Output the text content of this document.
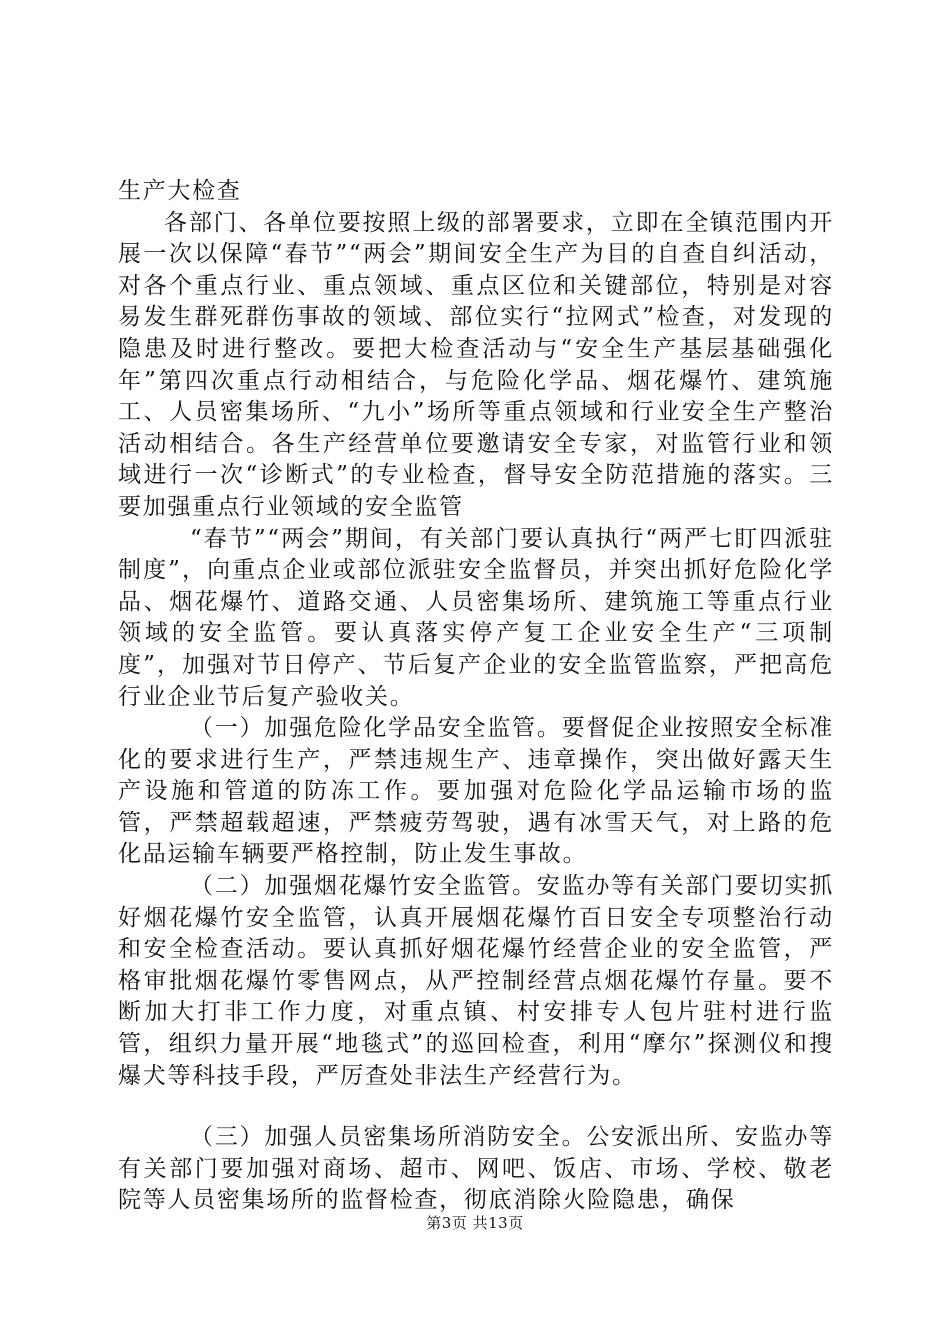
生产大检查

各部门、各单位要按照上级的部署要求，立即在全镇范围内开展一次以保障“春节”“两会”期间安全生产为目的自查自纠活动，对各个重点行业、重点领域、重点区位和关键部位，特别是对容易发生群死群伤事故的领域、部位实行“拉网式”检查，对发现的隐患及时进行整改。要把大检查活动与“安全生产基层基础强化年”第四次重点行动相结合，与危险化学品、烟花爆竹、建筑施工、人员密集场所、“九小”场所等重点领域和行业安全生产整治活动相结合。各生产经营单位要邀请安全专家，对监管行业和领域进行一次“诊断式”的专业检查，督导安全防范措施的落实。三要加强重点行业领域的安全监管

“春节”“两会”期间，有关部门要认真执行“两严七盯四派驻制度”，向重点企业或部位派驻安全监督员，并突出抓好危险化学品、烟花爆竹、道路交通、人员密集场所、建筑施工等重点行业领域的安全监管。要认真落实停产复工企业安全生产“三项制度”，加强对节日停产、节后复产企业的安全监管监察，严把高危行业企业节后复产验收关。

（一）加强危险化学品安全监管。要督促企业按照安全标准化的要求进行生产，严禁违规生产、违章操作，突出做好露天生产设施和管道的防冻工作。要加强对危险化学品运输市场的监管，严禁超载超速，严禁疲劳驾驶，遇有冰雪天气，对上路的危化品运输车辆要严格控制，防止发生事故。

（二）加强烟花爆竹安全监管。安监办等有关部门要切实抓好烟花爆竹安全监管，认真开展烟花爆竹百日安全专项整治行动和安全检查活动。要认真抓好烟花爆竹经营企业的安全监管，严格审批烟花爆竹零售网点，从严控制经营点烟花爆竹存量。要不断加大打非工作力度，对重点镇、村安排专人包片驻村进行监管，组织力量开展“地毯式”的巡回检查，利用“摩尔”探测仪和搜爆犬等科技手段，严厉查处非法生产经营行为。

（三）加强人员密集场所消防安全。公安派出所、安监办等有关部门要加强对商场、超市、网吧、饭店、市场、学校、敬老院等人员密集场所的监督检查，彻底消除火险隐患，确保

第3页 共13页
